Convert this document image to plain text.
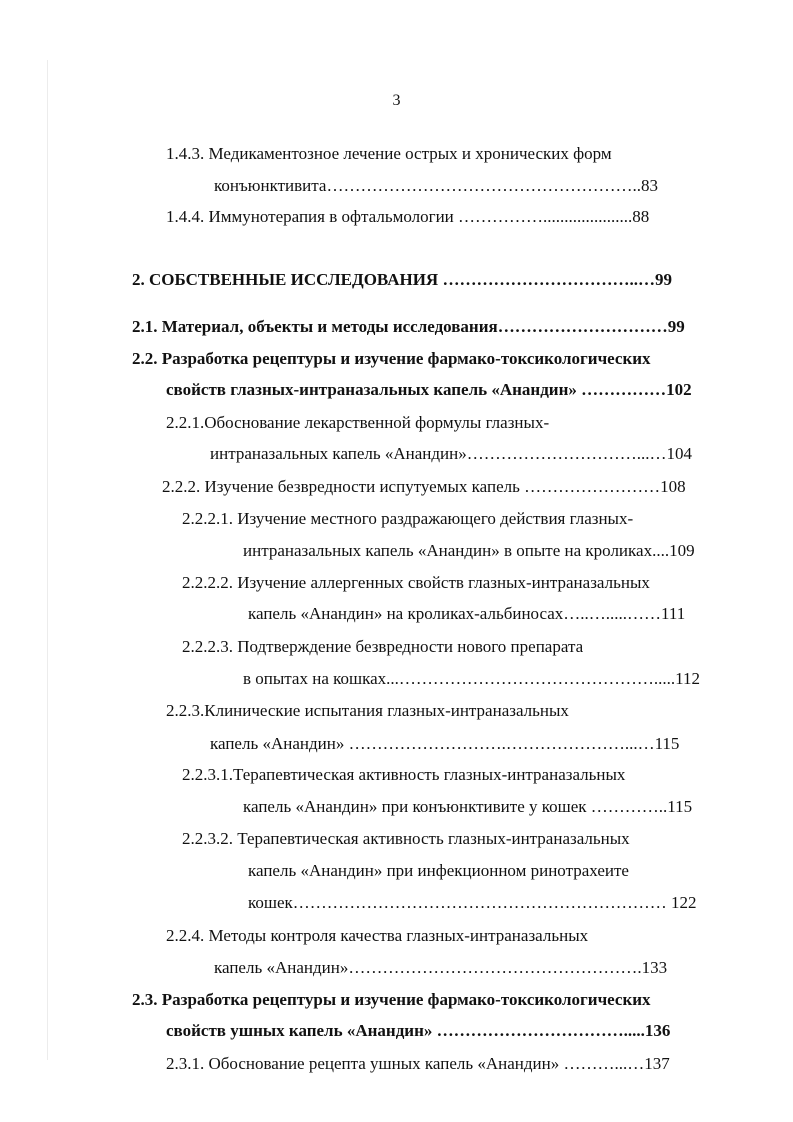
3
1.4.3. Медикаментозное лечение острых и хронических форм
конъюнктивита………………………………………………..83
1.4.4. Иммунотерапия в офтальмологии …………….....................88
2. СОБСТВЕННЫЕ ИССЛЕДОВАНИЯ ……………………………..…99
2.1. Материал, объекты и методы исследования…………………………99
2.2. Разработка рецептуры и изучение фармако-токсикологических
свойств глазных-интраназальных капель «Анандин» ……………102
2.2.1.Обоснование лекарственной формулы глазных-
интраназальных капель «Анандин»…………………………...…104
2.2.2. Изучение безвредности испутуемых капель ……………………108
2.2.2.1. Изучение местного раздражающего действия глазных-
интраназальных капель «Анандин» в опыте на кроликах....109
2.2.2.2. Изучение аллергенных свойств глазных-интраназальных
капель «Анандин» на кроликах-альбиносах…..….....……111
2.2.2.3. Подтверждение безвредности нового препарата
в опытах на кошках...……………………………………….....112
2.2.3.Клинические испытания глазных-интраназальных
капель «Анандин» ……………………….…………………...…115
2.2.3.1.Терапевтическая активность глазных-интраназальных
капель «Анандин» при конъюнктивите у кошек …………..115
2.2.3.2. Терапевтическая активность глазных-интраназальных
капель «Анандин» при инфекционном ринотрахеите
кошек………………………………………………………… 122
2.2.4. Методы контроля качества глазных-интраназальных
капель «Анандин»…………………………………………….133
2.3. Разработка рецептуры и изучение фармако-токсикологических
свойств ушных капель «Анандин» …………………………….....136
2.3.1. Обоснование рецепта ушных капель «Анандин» ………...…137
